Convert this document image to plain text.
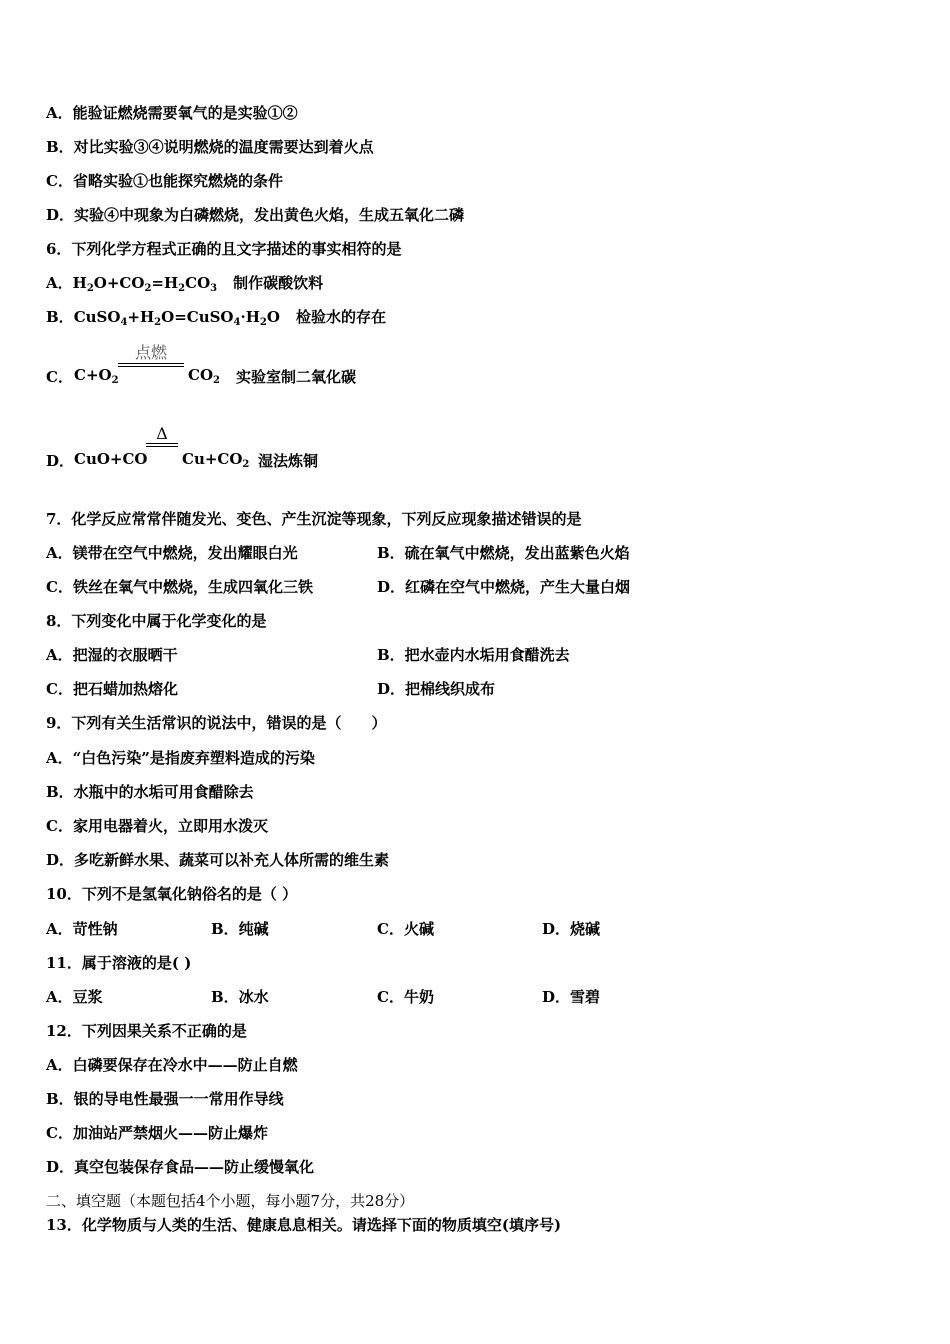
A．能验证燃烧需要氧气的是实验①②
B．对比实验③④说明燃烧的温度需要达到着火点
C．省略实验①也能探究燃烧的条件
D．实验④中现象为白磷燃烧，发出黄色火焰，生成五氧化二磷
6．下列化学方程式正确的且文字描述的事实相符的是
A．$H_2O+CO_2=H_2CO_3$ 制作碳酸饮料
B．$CuSO_4+H_2O=CuSO_4\cdot H_2O$ 检验水的存在
C． $C+O_2$
点燃
$CO_2$ 实验室制二氧化碳
D． CuO+CO
Δ
$Cu+CO_2$ 湿法炼铜
7．化学反应常常伴随发光、变色、产生沉淀等现象，下列反应现象描述错误的是
A．镁带在空气中燃烧，发出耀眼白光	B．硫在氧气中燃烧，发出蓝紫色火焰
C．铁丝在氧气中燃烧，生成四氧化三铁	D．红磷在空气中燃烧，产生大量白烟
8．下列变化中属于化学变化的是
A．把湿的衣服晒干	B．把水壶内水垢用食醋洗去
C．把石蜡加热熔化	D．把棉线织成布
9．下列有关生活常识的说法中，错误的是（　　）
A．“白色污染”是指废弃塑料造成的污染
B．水瓶中的水垢可用食醋除去
C．家用电器着火，立即用水泼灭
D．多吃新鲜水果、蔬菜可以补充人体所需的维生素
10．下列不是氢氧化钠俗名的是（ ）
A．苛性钠	B．纯碱	C．火碱	D．烧碱
11．属于溶液的是( )
A．豆浆	B．冰水	C．牛奶	D．雪碧
12．下列因果关系不正确的是
A．白磷要保存在冷水中——防止自燃
B．银的导电性最强一一常用作导线
C．加油站严禁烟火——防止爆炸
D．真空包装保存食品——防止缓慢氧化
二、填空题（本题包括4个小题，每小题7分，共28分）
13．化学物质与人类的生活、健康息息相关。请选择下面的物质填空(填序号)
